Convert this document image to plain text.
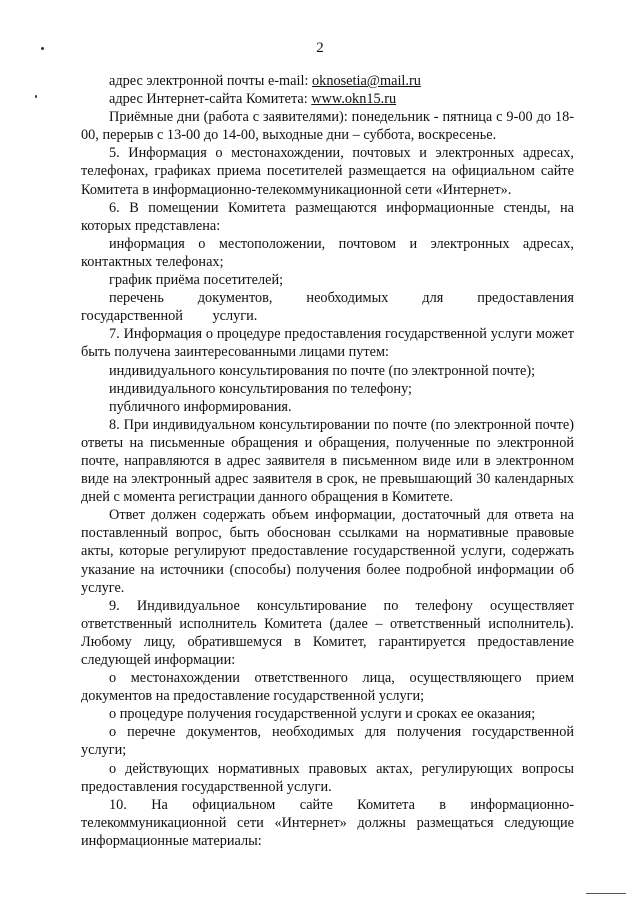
2

адрес электронной почты e-mail: oknosetia@mail.ru

адрес Интернет-сайта Комитета: www.okn15.ru

Приёмные дни (работа с заявителями): понедельник - пятница с 9-00 до 18-00, перерыв с 13-00 до 14-00, выходные дни – суббота, воскресенье.

5. Информация о местонахождении, почтовых и электронных адресах, телефонах, графиках приема посетителей размещается на официальном сайте Комитета в информационно-телекоммуникационной сети «Интернет».

6. В помещении Комитета размещаются информационные стенды, на которых представлена:

информация о местоположении, почтовом и электронных адресах, контактных телефонах;

график приёма посетителей;

перечень документов, необходимых для предоставления государственной услуги.

7. Информация о процедуре предоставления государственной услуги может быть получена заинтересованными лицами путем:

индивидуального консультирования по почте (по электронной почте);

индивидуального консультирования по телефону;

публичного информирования.

8. При индивидуальном консультировании по почте (по электронной почте) ответы на письменные обращения и обращения, полученные по электронной почте, направляются в адрес заявителя в письменном виде или в электронном виде на электронный адрес заявителя в срок, не превышающий 30 календарных дней с момента регистрации данного обращения в Комитете.

Ответ должен содержать объем информации, достаточный для ответа на поставленный вопрос, быть обоснован ссылками на нормативные правовые акты, которые регулируют предоставление государственной услуги, содержать указание на источники (способы) получения более подробной информации об услуге.

9. Индивидуальное консультирование по телефону осуществляет ответственный исполнитель Комитета (далее – ответственный исполнитель). Любому лицу, обратившемуся в Комитет, гарантируется предоставление следующей информации:

о местонахождении ответственного лица, осуществляющего прием документов на предоставление государственной услуги;

о процедуре получения государственной услуги и сроках ее оказания;

о перечне документов, необходимых для получения государственной услуги;

о действующих нормативных правовых актах, регулирующих вопросы предоставления государственной услуги.

10. На официальном сайте Комитета в информационно-телекоммуникационной сети «Интернет» должны размещаться следующие информационные материалы:
